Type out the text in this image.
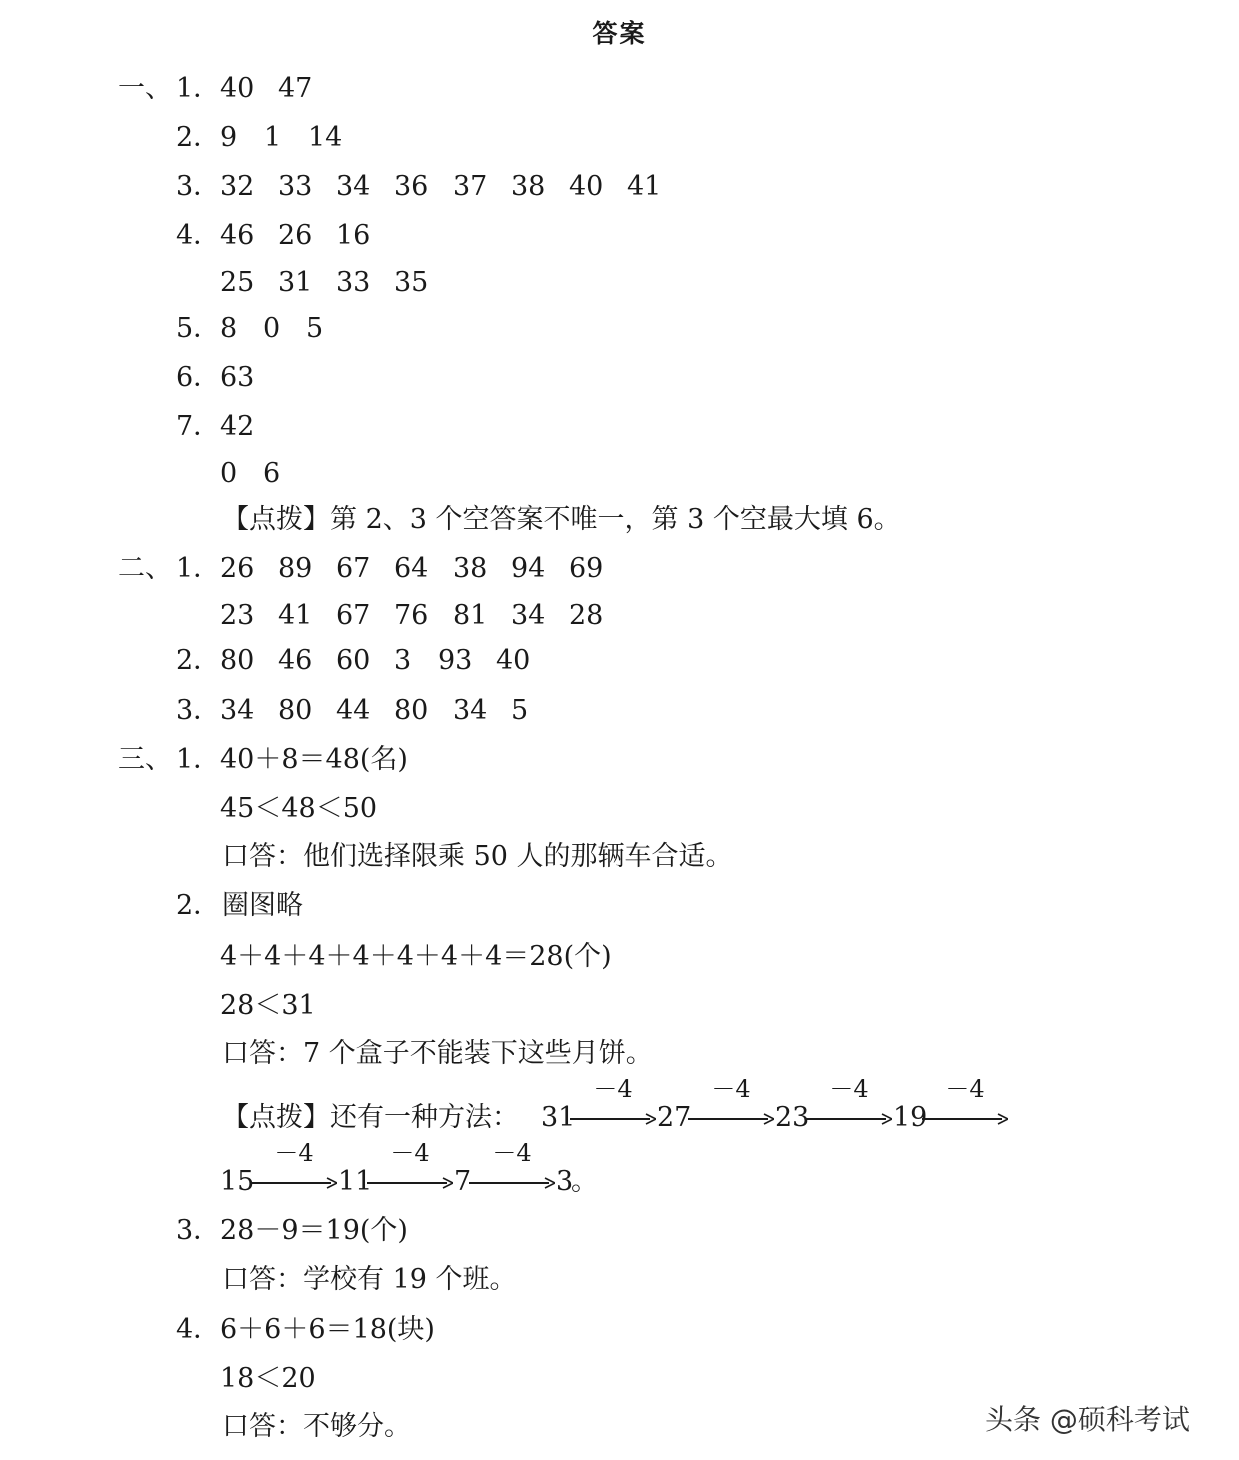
答案
一、 1． 40 47
2． 9 1 14
3． 32 33 34 36 37 38 40 41
4． 46 26 16
25 31 33 35
5． 8 0 5
6． 63
7． 42
0 6
【点拨】第 2、3 个空答案不唯一，第 3 个空最大填 6。
二、 1． 26 89 67 64 38 94 69
23 41 67 76 81 34 28
2． 80 46 60 3 93 40
3． 34 80 44 80 34 5
三、 1． 40＋8＝48(名)
45＜48＜50
口答：他们选择限乘 50 人的那辆车合适。
2． 圈图略
4＋4＋4＋4＋4＋4＋4＝28(个)
28＜31
口答：7 个盒子不能装下这些月饼。
【点拨】还有一种方法： 31
－4
27
－4
23
－4
19
－4
15
－4
11
－4
7
－4
3
。
3． 28－9＝19(个)
口答：学校有 19 个班。
4． 6＋6＋6＝18(块)
18＜20
口答：不够分。	头条 @硕科考试
